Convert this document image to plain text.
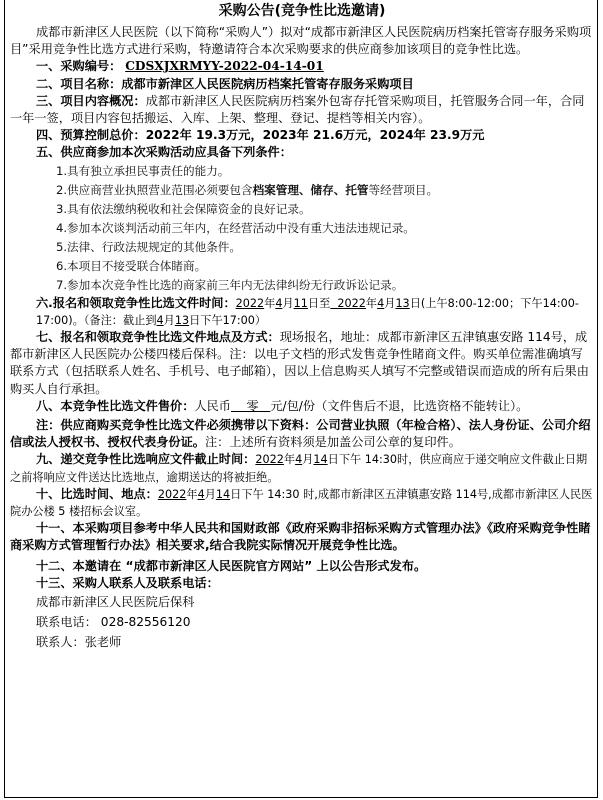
采购公告(竞争性比选邀请)

成都市新津区人民医院（以下简称“采购人”）拟对“成都市新津区人民医院病历档案托管寄存服务采购项目”采用竞争性比选方式进行采购，特邀请符合本次采购要求的供应商参加该项目的竞争性比选。

一、采购编号： CDSXJXRMYY-2022-04-14-01

二、项目名称：成都市新津区人民医院病历档案托管寄存服务采购项目

三、项目内容概况：成都市新津区人民医院病历档案外包寄存托管采购项目，托管服务合同一年，合同一年一签，项目内容包括搬运、入库、上架、整理、登记、提档等相关内容）。

四、预算控制总价：2022年 19.3万元，2023年 21.6万元，2024年 23.9万元

五、供应商参加本次采购活动应具备下列条件：

1.具有独立承担民事责任的能力。
2.供应商营业执照营业范围必须要包含档案管理、储存、托管等经营项目。
3.具有依法缴纳税收和社会保障资金的良好记录。
4.参加本次谈判活动前三年内，在经营活动中没有重大违法违规记录。
5.法律、行政法规规定的其他条件。
6.本项目不接受联合体睹商。
7.参加本次竞争性比选的商家前三年内无法律纠纷无行政诉讼记录。

六.报名和领取竞争性比选文件时间：2022年4月11日至 2022年4月13日(上午8:00-12:00；下午14:00-17:00)。（备注：截止到4月13日下午17:00）

七、报名和领取竞争性比选文件地点及方式：现场报名，地址：成都市新津区五津镇惠安路 114号，成都市新津区人民医院办公楼四楼后保科。注：以电子文档的形式发售竞争性睹商文件。购买单位需准确填写联系方式（包括联系人姓名、手机号、电子邮箱），因以上信息购买人填写不完整或错误而造成的所有后果由购买人自行承担。

八、本竞争性比选文件售价：人民币 零 元/包/份（文件售后不退，比选资格不能转让）。

注：供应商购买竞争性比选文件必须携带以下资料：公司营业执照（年检合格）、法人身份证、公司介绍信或法人授权书、授权代表身份证。注：上述所有资料须是加盖公司公章的复印件。

九、递交竞争性比选响应文件截止时间：2022年4月14日下午 14:30时，供应商应于递交响应文件截止日期之前将响应文件送达比选地点，逾期送达的将被拒绝。

十、比选时间、地点：2022年4月14日下午 14:30 时,成都市新津区五津镇惠安路 114号,成都市新津区人民医院办公楼 5 楼招标会议室。

十一、本采购项目参考中华人民共和国财政部《政府采购非招标采购方式管理办法》《政府采购竞争性睹商采购方式管理暂行办法》相关要求,结合我院实际情况开展竞争性比选。

十二、本邀请在 “成都市新津区人民医院官方网站” 上以公告形式发布。

十三、采购人联系人及联系电话：

成都市新津区人民医院后保科

联系电话： 028-82556120

联系人：张老师
